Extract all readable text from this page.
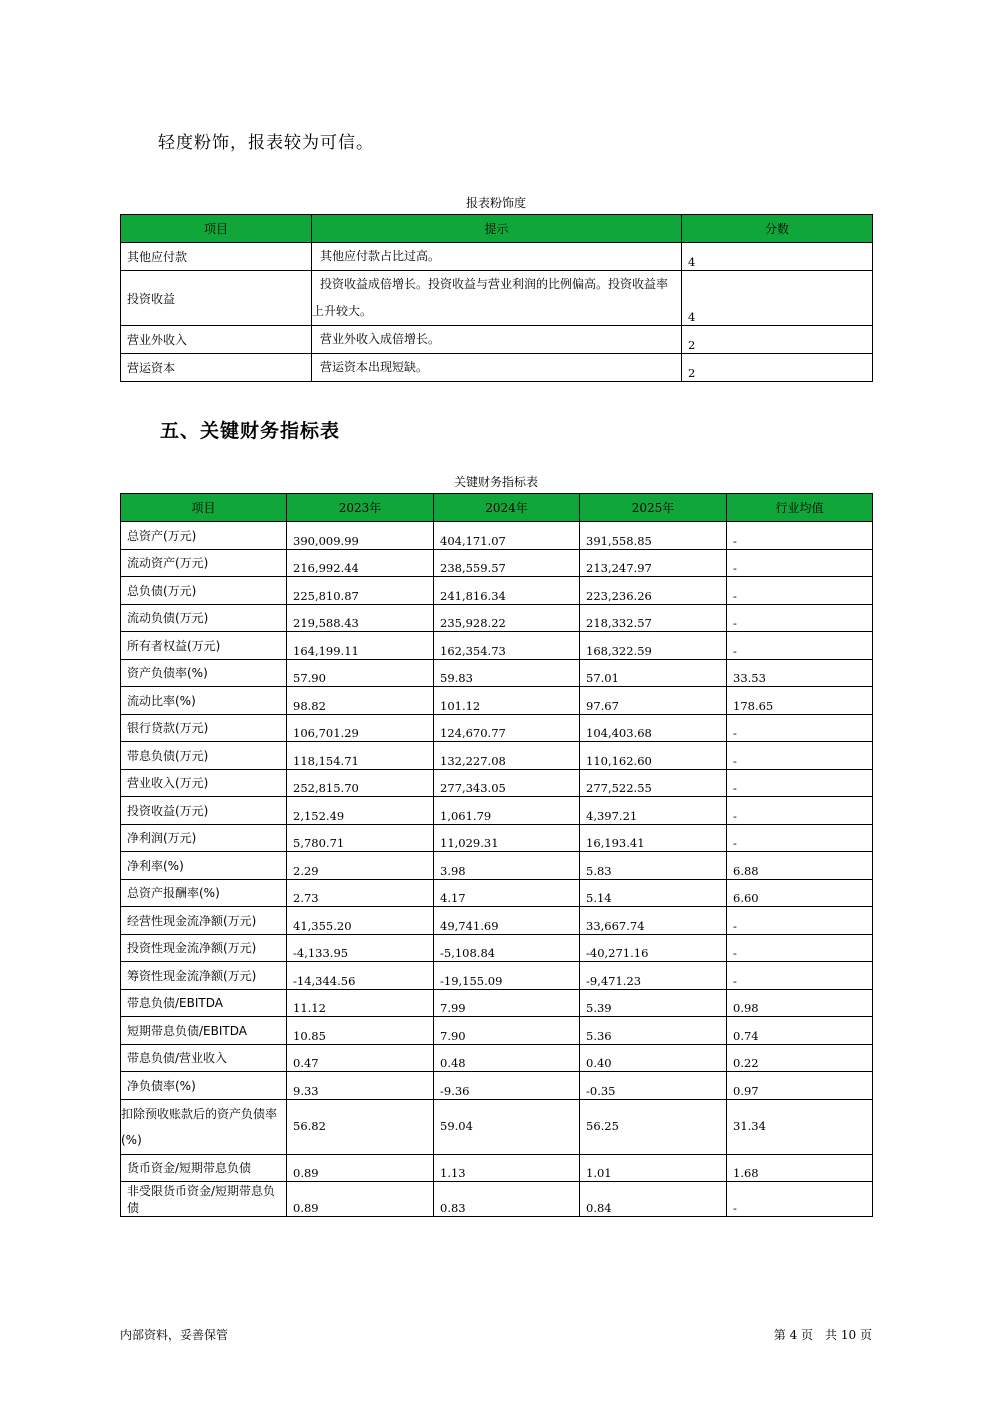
轻度粉饰，报表较为可信。
报表粉饰度
项目	提示	分数
其他应付款	其他应付款占比过高。	4
投资收益	投资收益成倍增长。投资收益与营业利润的比例偏高。投资收益率上升较大。	4
营业外收入	营业外收入成倍增长。	2
营运资本	营运资本出现短缺。	2
五、关键财务指标表
关键财务指标表
项目	2023年	2024年	2025年	行业均值
总资产(万元)	390,009.99	404,171.07	391,558.85	-
流动资产(万元)	216,992.44	238,559.57	213,247.97	-
总负债(万元)	225,810.87	241,816.34	223,236.26	-
流动负债(万元)	219,588.43	235,928.22	218,332.57	-
所有者权益(万元)	164,199.11	162,354.73	168,322.59	-
资产负债率(%)	57.90	59.83	57.01	33.53
流动比率(%)	98.82	101.12	97.67	178.65
银行贷款(万元)	106,701.29	124,670.77	104,403.68	-
带息负债(万元)	118,154.71	132,227.08	110,162.60	-
营业收入(万元)	252,815.70	277,343.05	277,522.55	-
投资收益(万元)	2,152.49	1,061.79	4,397.21	-
净利润(万元)	5,780.71	11,029.31	16,193.41	-
净利率(%)	2.29	3.98	5.83	6.88
总资产报酬率(%)	2.73	4.17	5.14	6.60
经营性现金流净额(万元)	41,355.20	49,741.69	33,667.74	-
投资性现金流净额(万元)	-4,133.95	-5,108.84	-40,271.16	-
筹资性现金流净额(万元)	-14,344.56	-19,155.09	-9,471.23	-
带息负债/EBITDA	11.12	7.99	5.39	0.98
短期带息负债/EBITDA	10.85	7.90	5.36	0.74
带息负债/营业收入	0.47	0.48	0.40	0.22
净负债率(%)	9.33	-9.36	-0.35	0.97
扣除预收账款后的资产负债率(%)	56.82	59.04	56.25	31.34
货币资金/短期带息负债	0.89	1.13	1.01	1.68
非受限货币资金/短期带息负债	0.89	0.83	0.84	-
内部资料，妥善保管	第 4 页　共 10 页
